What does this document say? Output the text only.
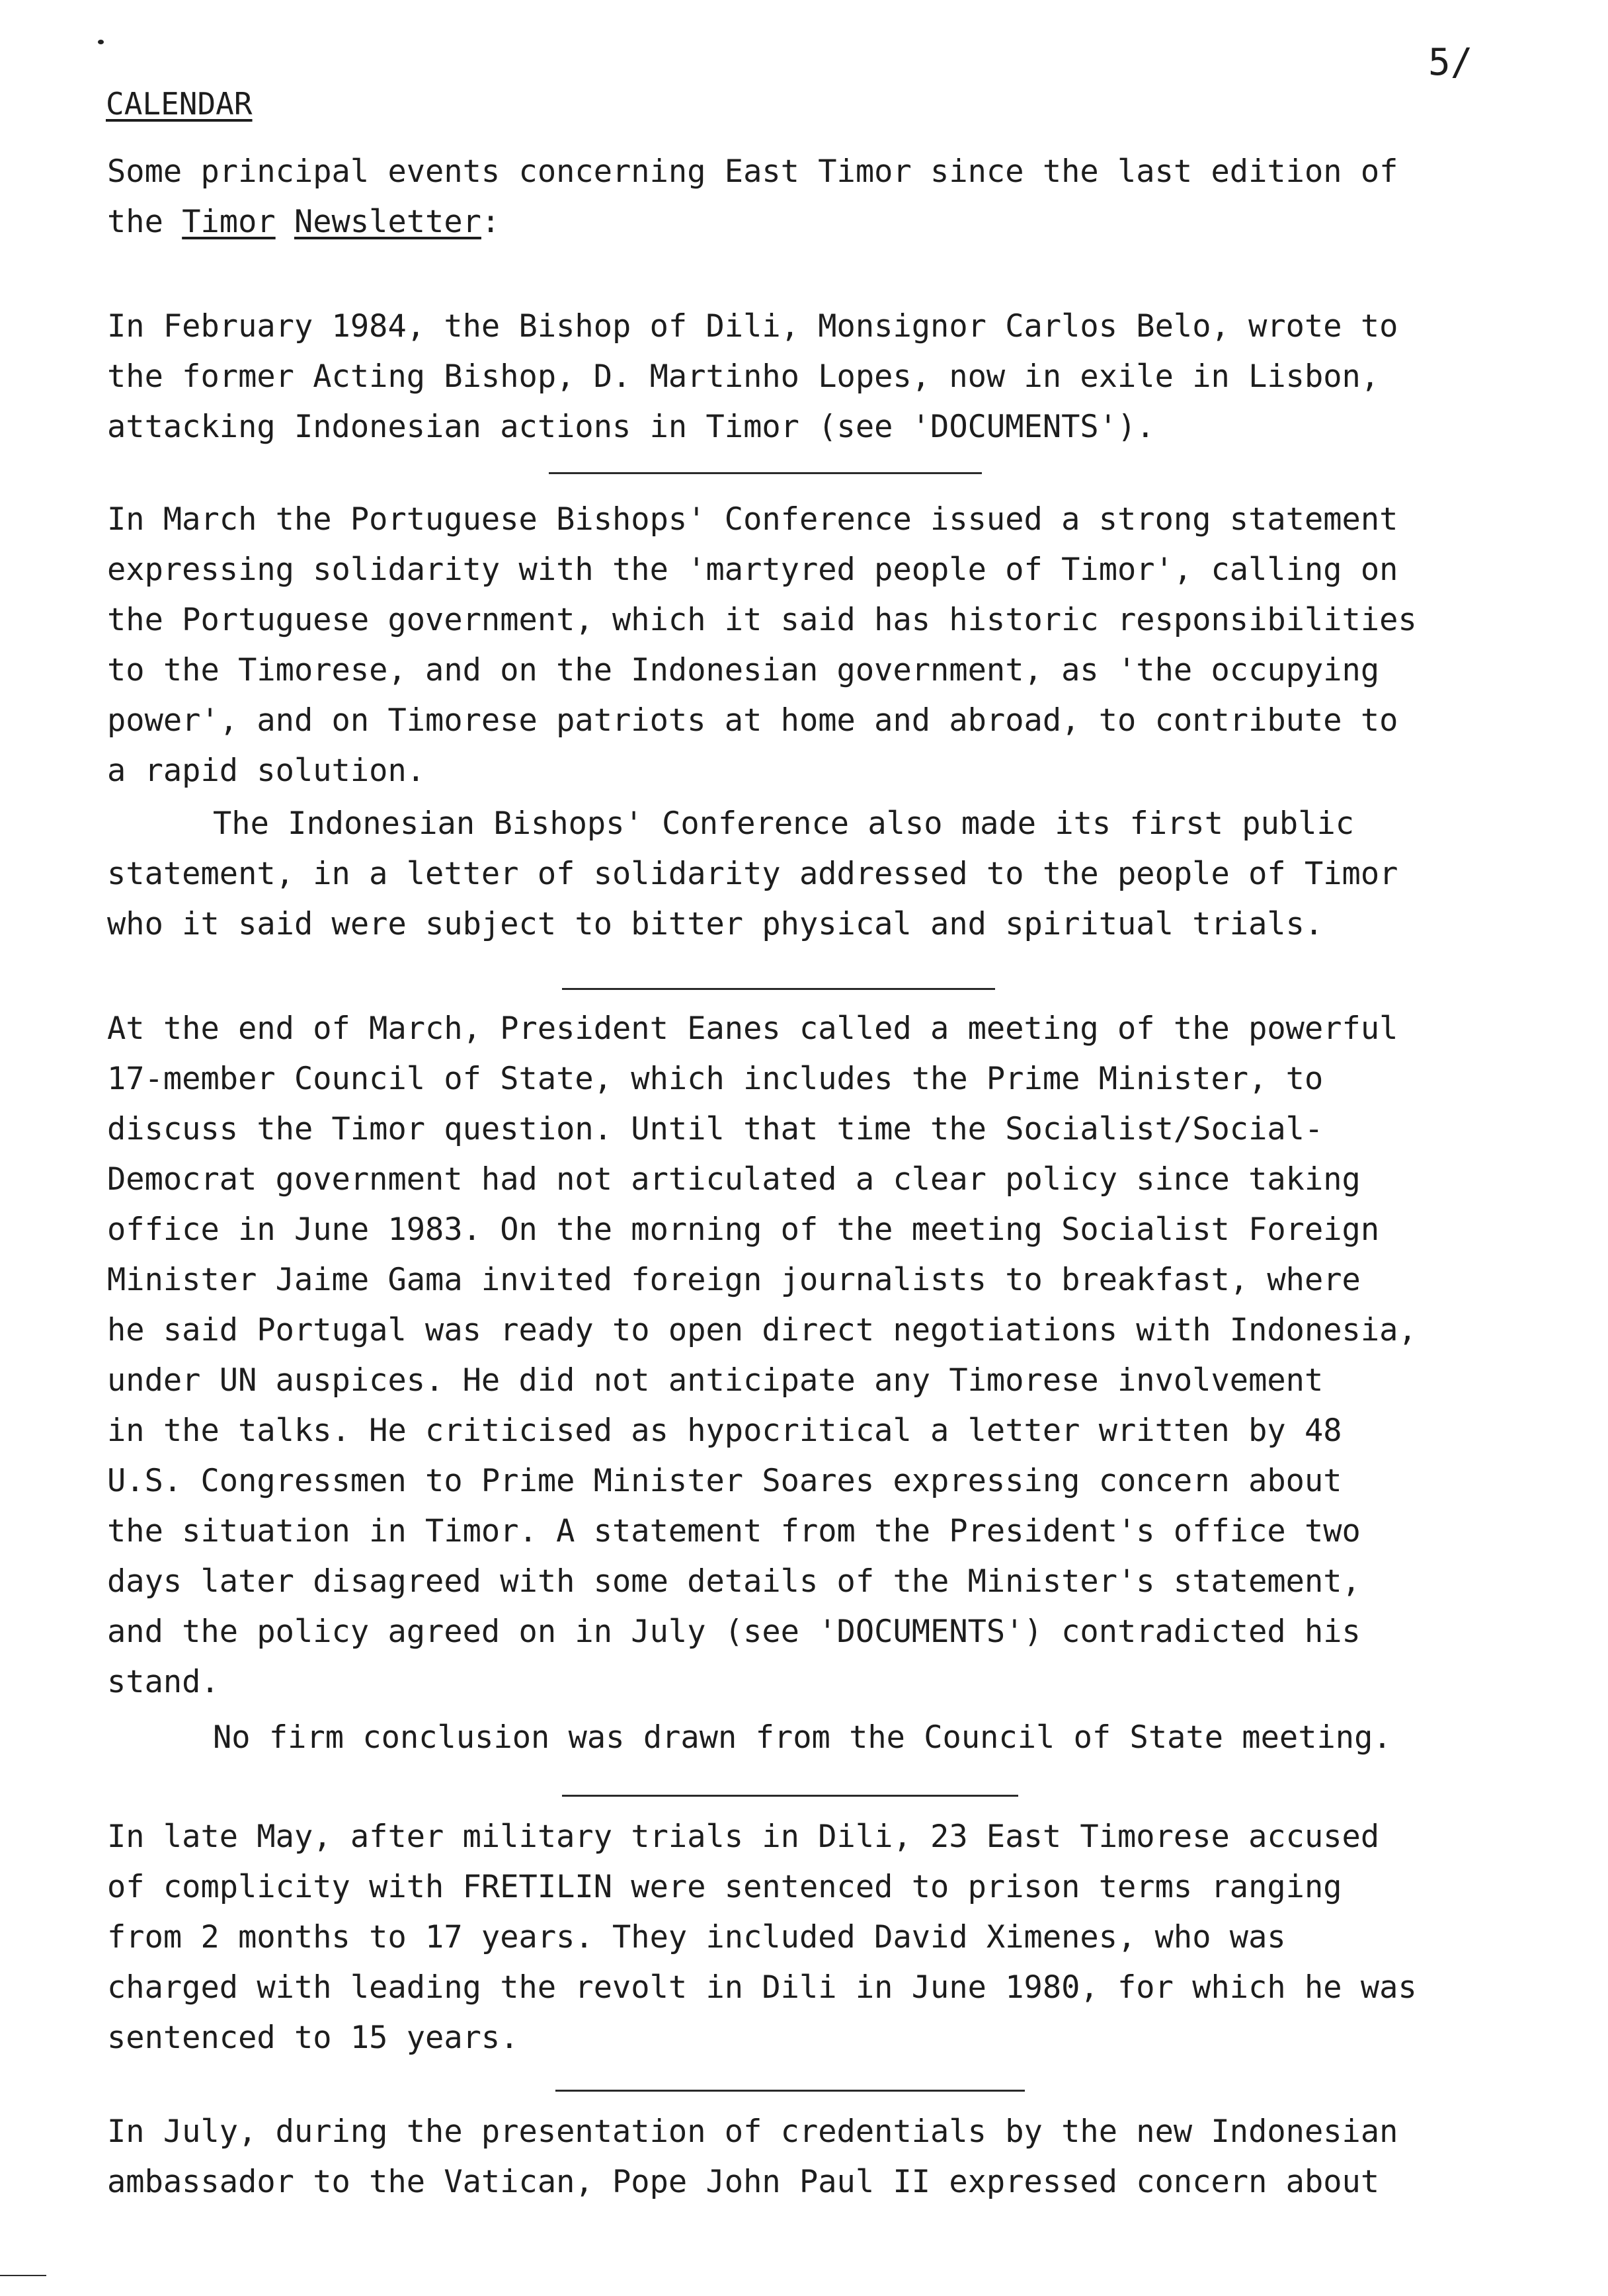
5/
CALENDAR
Some principal events concerning East Timor since the last edition of
the Timor Newsletter:
In February 1984, the Bishop of Dili, Monsignor Carlos Belo, wrote to
the former Acting Bishop, D. Martinho Lopes, now in exile in Lisbon,
attacking Indonesian actions in Timor (see 'DOCUMENTS').
In March the Portuguese Bishops' Conference issued a strong statement
expressing solidarity with the 'martyred people of Timor', calling on
the Portuguese government, which it said has historic responsibilities
to the Timorese, and on the Indonesian government, as 'the occupying
power', and on Timorese patriots at home and abroad, to contribute to
a rapid solution.
The Indonesian Bishops' Conference also made its first public
statement, in a letter of solidarity addressed to the people of Timor
who it said were subject to bitter physical and spiritual trials.
At the end of March, President Eanes called a meeting of the powerful
17-member Council of State, which includes the Prime Minister, to
discuss the Timor question. Until that time the Socialist/Social-
Democrat government had not articulated a clear policy since taking
office in June 1983. On the morning of the meeting Socialist Foreign
Minister Jaime Gama invited foreign journalists to breakfast, where
he said Portugal was ready to open direct negotiations with Indonesia,
under UN auspices. He did not anticipate any Timorese involvement
in the talks. He criticised as hypocritical a letter written by 48
U.S. Congressmen to Prime Minister Soares expressing concern about
the situation in Timor. A statement from the President's office two
days later disagreed with some details of the Minister's statement,
and the policy agreed on in July (see 'DOCUMENTS') contradicted his
stand.
No firm conclusion was drawn from the Council of State meeting.
In late May, after military trials in Dili, 23 East Timorese accused
of complicity with FRETILIN were sentenced to prison terms ranging
from 2 months to 17 years. They included David Ximenes, who was
charged with leading the revolt in Dili in June 1980, for which he was
sentenced to 15 years.
In July, during the presentation of credentials by the new Indonesian
ambassador to the Vatican, Pope John Paul II expressed concern about
